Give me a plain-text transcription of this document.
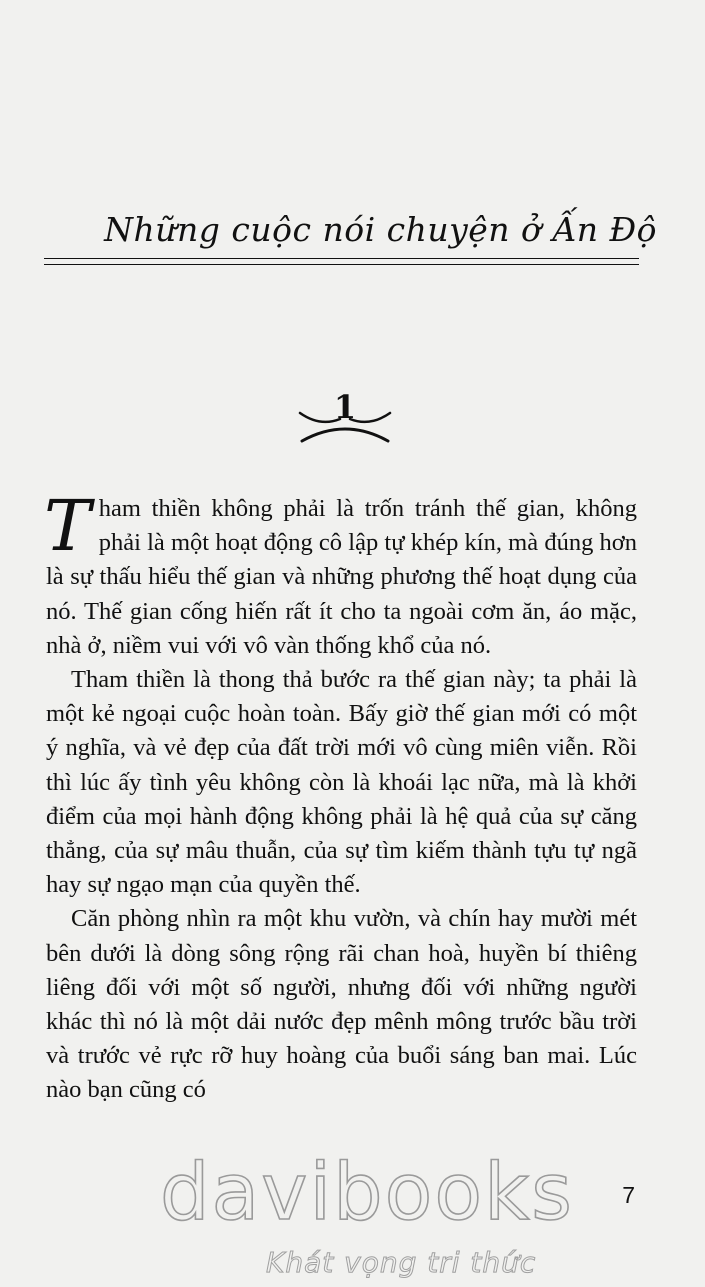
Những cuộc nói chuyện ở Ấn Độ
1

Tham thiền không phải là trốn tránh thế gian, không phải là một hoạt động cô lập tự khép kín, mà đúng hơn là sự thấu hiểu thế gian và những phương thế hoạt dụng của nó. Thế gian cống hiến rất ít cho ta ngoài cơm ăn, áo mặc, nhà ở, niềm vui với vô vàn thống khổ của nó.

Tham thiền là thong thả bước ra thế gian này; ta phải là một kẻ ngoại cuộc hoàn toàn. Bấy giờ thế gian mới có một ý nghĩa, và vẻ đẹp của đất trời mới vô cùng miên viễn. Rồi thì lúc ấy tình yêu không còn là khoái lạc nữa, mà là khởi điểm của mọi hành động không phải là hệ quả của sự căng thẳng, của sự mâu thuẫn, của sự tìm kiếm thành tựu tự ngã hay sự ngạo mạn của quyền thế.

Căn phòng nhìn ra một khu vườn, và chín hay mười mét bên dưới là dòng sông rộng rãi chan hoà, huyền bí thiêng liêng đối với một số người, nhưng đối với những người khác thì nó là một dải nước đẹp mênh mông trước bầu trời và trước vẻ rực rỡ huy hoàng của buổi sáng ban mai. Lúc nào bạn cũng có

7
davibooks
Khát vọng tri thức
